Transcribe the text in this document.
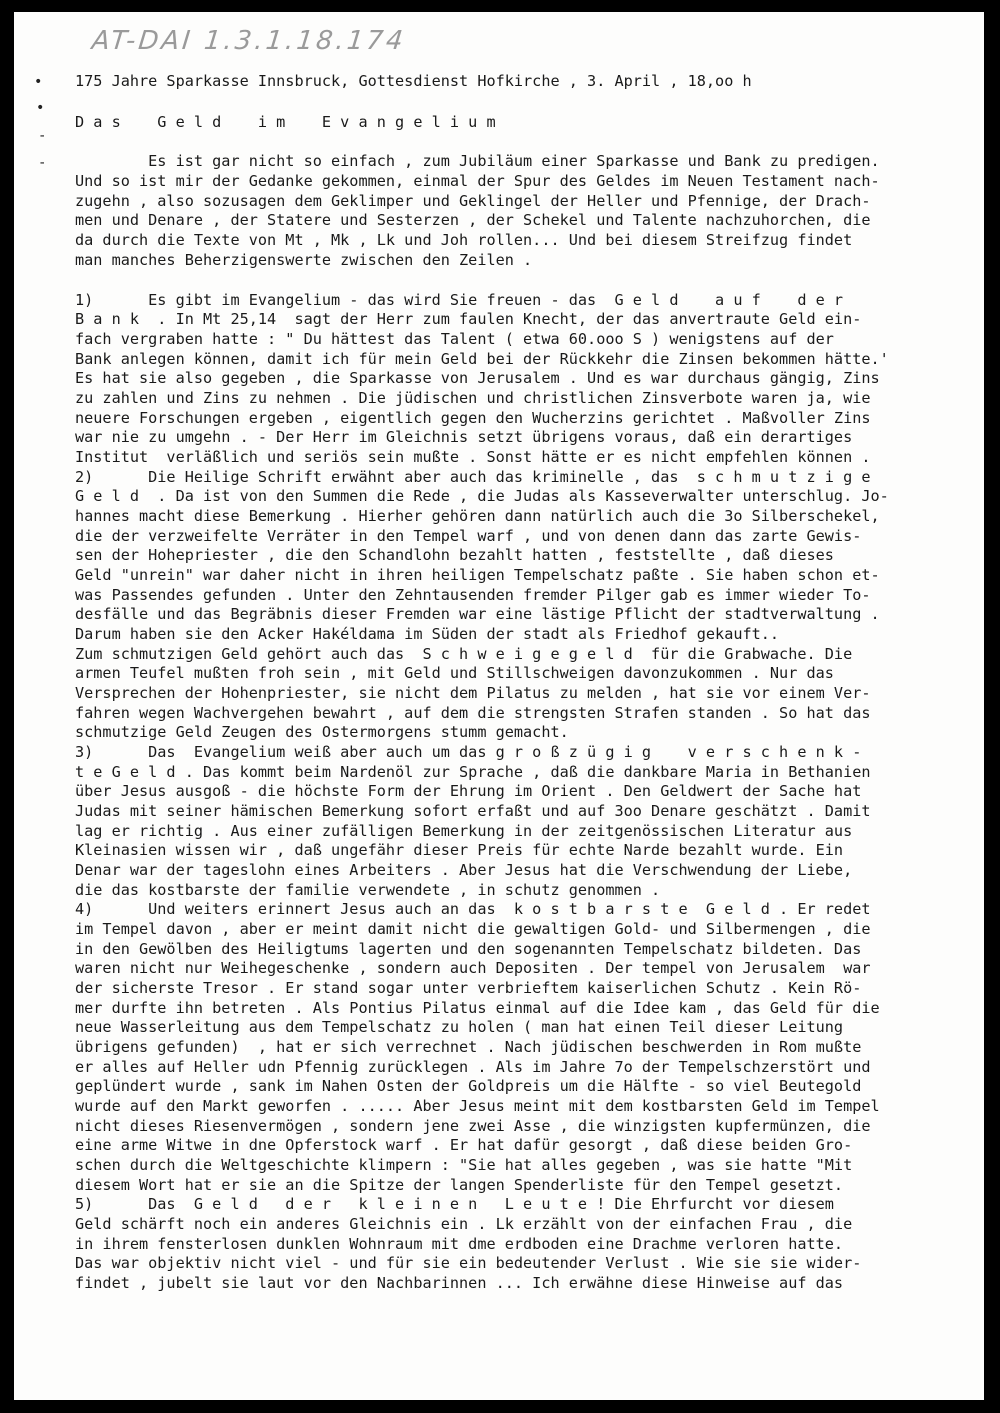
AT-DAI 1.3.1.18.174
•
•
-
-
175 Jahre Sparkasse Innsbruck, Gottesdienst Hofkirche , 3. April , 18,oo h
D a s    G e l d    i m    E v a n g e l i u m
Es ist gar nicht so einfach , zum Jubiläum einer Sparkasse und Bank zu predigen.
Und so ist mir der Gedanke gekommen, einmal der Spur des Geldes im Neuen Testament nach-
zugehn , also sozusagen dem Geklimper und Geklingel der Heller und Pfennige, der Drach-
men und Denare , der Statere und Sesterzen , der Schekel und Talente nachzuhorchen, die
da durch die Texte von Mt , Mk , Lk und Joh rollen... Und bei diesem Streifzug findet
man manches Beherzigenswerte zwischen den Zeilen .
1)      Es gibt im Evangelium - das wird Sie freuen - das  G e l d    a u f    d e r
B a n k  . In Mt 25,14  sagt der Herr zum faulen Knecht, der das anvertraute Geld ein-
fach vergraben hatte : " Du hättest das Talent ( etwa 60.ooo S ) wenigstens auf der
Bank anlegen können, damit ich für mein Geld bei der Rückkehr die Zinsen bekommen hätte.'
Es hat sie also gegeben , die Sparkasse von Jerusalem . Und es war durchaus gängig, Zins
zu zahlen und Zins zu nehmen . Die jüdischen und christlichen Zinsverbote waren ja, wie
neuere Forschungen ergeben , eigentlich gegen den Wucherzins gerichtet . Maßvoller Zins
war nie zu umgehn . - Der Herr im Gleichnis setzt übrigens voraus, daß ein derartiges
Institut  verläßlich und seriös sein mußte . Sonst hätte er es nicht empfehlen können .
2)      Die Heilige Schrift erwähnt aber auch das kriminelle , das  s c h m u t z i g e
G e l d  . Da ist von den Summen die Rede , die Judas als Kasseverwalter unterschlug. Jo-
hannes macht diese Bemerkung . Hierher gehören dann natürlich auch die 3o Silberschekel,
die der verzweifelte Verräter in den Tempel warf , und von denen dann das zarte Gewis-
sen der Hohepriester , die den Schandlohn bezahlt hatten , feststellte , daß dieses
Geld "unrein" war daher nicht in ihren heiligen Tempelschatz paßte . Sie haben schon et-
was Passendes gefunden . Unter den Zehntausenden fremder Pilger gab es immer wieder To-
desfälle und das Begräbnis dieser Fremden war eine lästige Pflicht der stadtverwaltung .
Darum haben sie den Acker Hakéldama im Süden der stadt als Friedhof gekauft..
Zum schmutzigen Geld gehört auch das  S c h w e i g e g e l d  für die Grabwache. Die
armen Teufel mußten froh sein , mit Geld und Stillschweigen davonzukommen . Nur das
Versprechen der Hohenpriester, sie nicht dem Pilatus zu melden , hat sie vor einem Ver-
fahren wegen Wachvergehen bewahrt , auf dem die strengsten Strafen standen . So hat das
schmutzige Geld Zeugen des Ostermorgens stumm gemacht.
3)      Das  Evangelium weiß aber auch um das g r o ß z ü g i g    v e r s c h e n k -
t e G e l d . Das kommt beim Nardenöl zur Sprache , daß die dankbare Maria in Bethanien
über Jesus ausgoß - die höchste Form der Ehrung im Orient . Den Geldwert der Sache hat
Judas mit seiner hämischen Bemerkung sofort erfaßt und auf 3oo Denare geschätzt . Damit
lag er richtig . Aus einer zufälligen Bemerkung in der zeitgenössischen Literatur aus
Kleinasien wissen wir , daß ungefähr dieser Preis für echte Narde bezahlt wurde. Ein
Denar war der tageslohn eines Arbeiters . Aber Jesus hat die Verschwendung der Liebe,
die das kostbarste der familie verwendete , in schutz genommen .
4)      Und weiters erinnert Jesus auch an das  k o s t b a r s t e  G e l d . Er redet
im Tempel davon , aber er meint damit nicht die gewaltigen Gold- und Silbermengen , die
in den Gewölben des Heiligtums lagerten und den sogenannten Tempelschatz bildeten. Das
waren nicht nur Weihegeschenke , sondern auch Depositen . Der tempel von Jerusalem  war
der sicherste Tresor . Er stand sogar unter verbrieftem kaiserlichen Schutz . Kein Rö-
mer durfte ihn betreten . Als Pontius Pilatus einmal auf die Idee kam , das Geld für die
neue Wasserleitung aus dem Tempelschatz zu holen ( man hat einen Teil dieser Leitung
übrigens gefunden)  , hat er sich verrechnet . Nach jüdischen beschwerden in Rom mußte
er alles auf Heller udn Pfennig zurücklegen . Als im Jahre 7o der Tempelschzerstört und
geplündert wurde , sank im Nahen Osten der Goldpreis um die Hälfte - so viel Beutegold
wurde auf den Markt geworfen . ..... Aber Jesus meint mit dem kostbarsten Geld im Tempel
nicht dieses Riesenvermögen , sondern jene zwei Asse , die winzigsten kupfermünzen, die
eine arme Witwe in dne Opferstock warf . Er hat dafür gesorgt , daß diese beiden Gro-
schen durch die Weltgeschichte klimpern : "Sie hat alles gegeben , was sie hatte "Mit
diesem Wort hat er sie an die Spitze der langen Spenderliste für den Tempel gesetzt.
5)      Das  G e l d   d e r   k l e i n e n   L e u t e ! Die Ehrfurcht vor diesem
Geld schärft noch ein anderes Gleichnis ein . Lk erzählt von der einfachen Frau , die
in ihrem fensterlosen dunklen Wohnraum mit dme erdboden eine Drachme verloren hatte.
Das war objektiv nicht viel - und für sie ein bedeutender Verlust . Wie sie sie wider-
findet , jubelt sie laut vor den Nachbarinnen ... Ich erwähne diese Hinweise auf das
